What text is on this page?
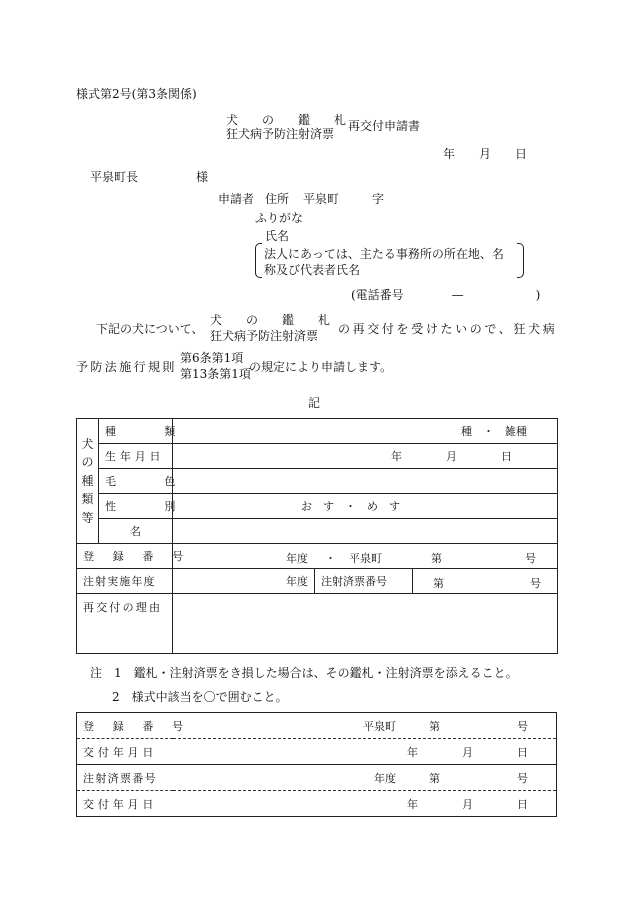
様式第2号(第3条関係)
犬　　の　　鑑　　札
狂犬病予防注射済票
再交付申請書
年　　月　　日
平泉町長	様
申請者 住所 平泉町	字
ふりがな
氏名
法人にあっては、主たる事務所の所在地、名
称及び代表者氏名
(電話番号　　　　—　　　　　　)
下記の犬について、
犬　　の　　鑑　　札
狂犬病予防注射済票 の再交付を受けたいので、狂犬病
予防法施行規則
第6条第1項
第13条第1項
の規定により申請します。
記
犬の種類等	種　　　類	種　・　雑種		
	生年月日	年　　　　月　　　　日		
	毛　　　色			
	性　　　別	お　す　・　め　す		
	名			
登　録　番　号		年度 ・ 平泉町 第 号		

注射実施年度		年度	注射済票番号	第 号

再交付の理由				
注　1　鑑札・注射済票をき損した場合は、その鑑札・注射済票を添えること。
2　様式中該当を〇で囲むこと。
登　録　番　号	平泉町　　　第　　　　　　　号
交付年月日	年　　　　月　　　　日
注射済票番号	年度　　　第　　　　　　　号
交付年月日	年　　　　月　　　　日
